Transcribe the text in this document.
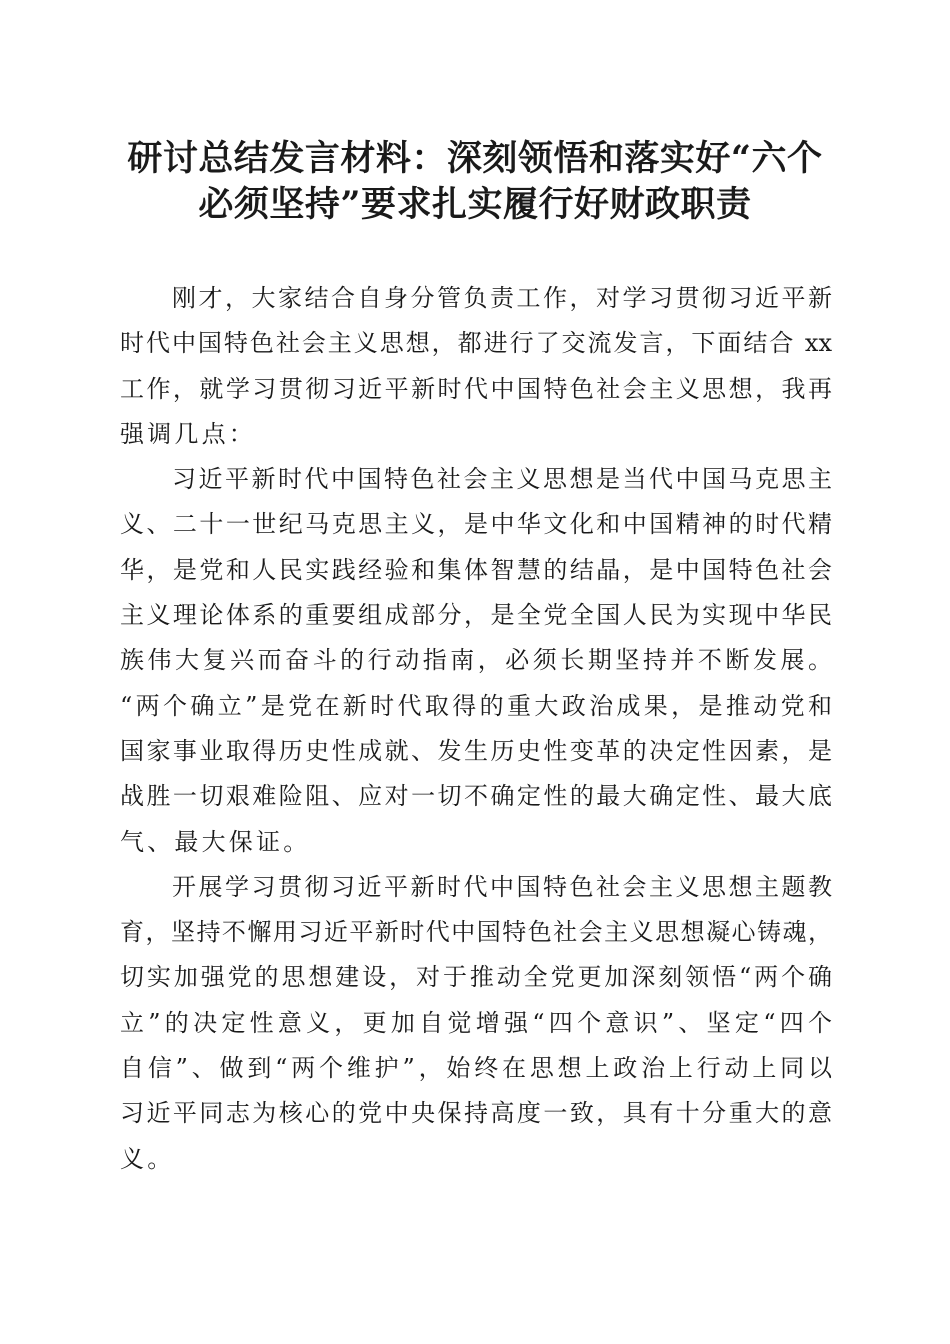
研讨总结发言材料：深刻领悟和落实好“六个
必须坚持”要求扎实履行好财政职责

刚才，大家结合自身分管负责工作，对学习贯彻习近平新
时代中国特色社会主义思想，都进行了交流发言，下面结合 xx
工作，就学习贯彻习近平新时代中国特色社会主义思想，我再
强调几点：

习近平新时代中国特色社会主义思想是当代中国马克思主
义、二十一世纪马克思主义，是中华文化和中国精神的时代精
华，是党和人民实践经验和集体智慧的结晶，是中国特色社会
主义理论体系的重要组成部分，是全党全国人民为实现中华民
族伟大复兴而奋斗的行动指南，必须长期坚持并不断发展。
“两个确立”是党在新时代取得的重大政治成果，是推动党和
国家事业取得历史性成就、发生历史性变革的决定性因素，是
战胜一切艰难险阻、应对一切不确定性的最大确定性、最大底
气、最大保证。

开展学习贯彻习近平新时代中国特色社会主义思想主题教
育，坚持不懈用习近平新时代中国特色社会主义思想凝心铸魂，
切实加强党的思想建设，对于推动全党更加深刻领悟“两个确
立”的决定性意义，更加自觉增强“四个意识”、坚定“四个
自信”、做到“两个维护”，始终在思想上政治上行动上同以
习近平同志为核心的党中央保持高度一致，具有十分重大的意
义。
